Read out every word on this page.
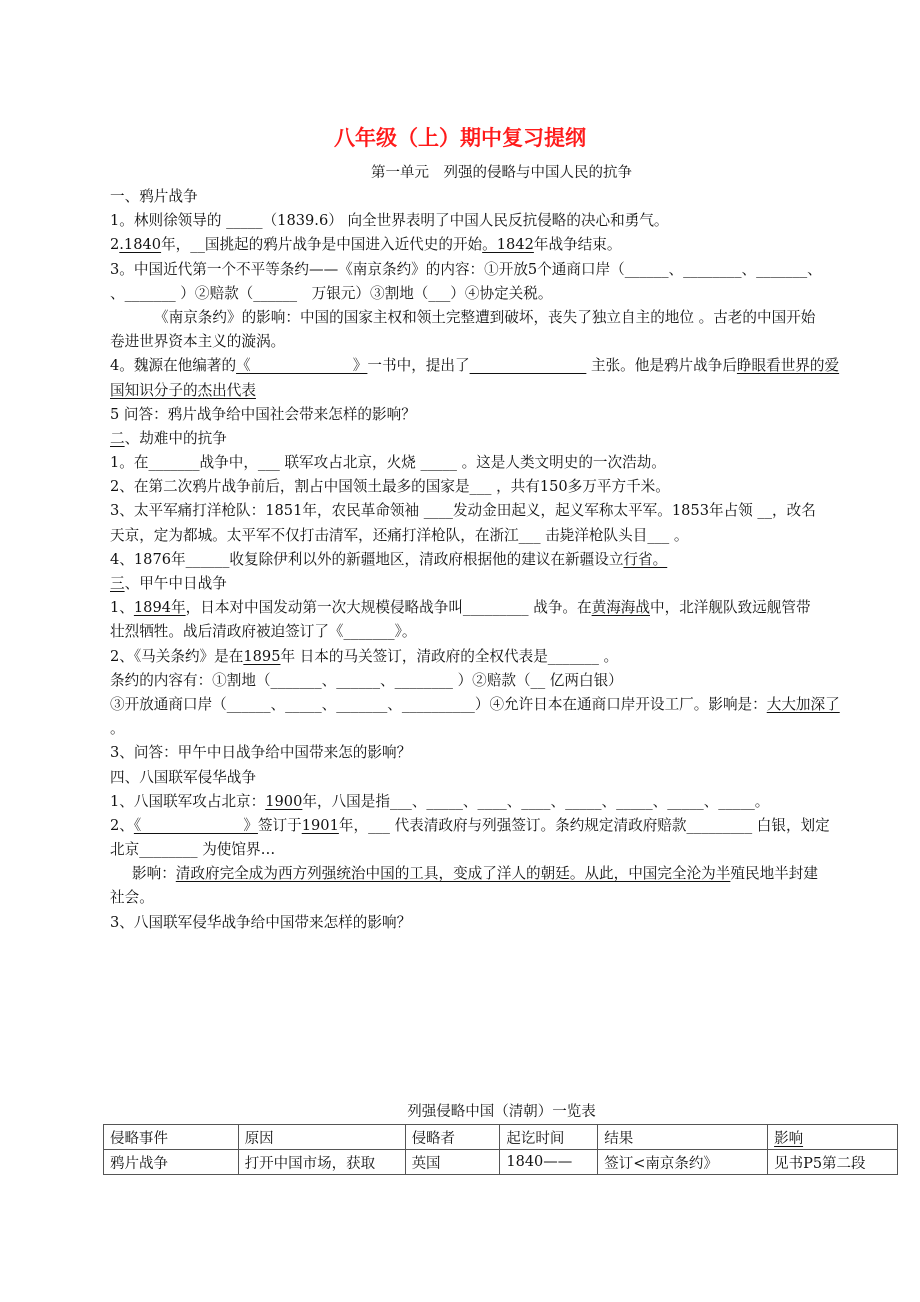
八年级（上）期中复习提纲
第一单元　列强的侵略与中国人民的抗争
一、鸦片战争
1。林则徐领导的 _____（1839.6） 向全世界表明了中国人民反抗侵略的决心和勇气。
2.1840年，__国挑起的鸦片战争是中国进入近代史的开始。1842年战争结束。
3。中国近代第一个不平等条约——《南京条约》的内容：①开放5个通商口岸（______、________、_______、
、_______ ）②赔款（______　万银元）③割地（___）④协定关税。
《南京条约》的影响：中国的国家主权和领土完整遭到破坏，丧失了独立自主的地位 。古老的中国开始
卷进世界资本主义的漩涡。
4。魏源在他编著的《　　　　　　　》一书中，提出了　　　　　　　　	主张。他是鸦片战争后睁眼看世界的爱
国知识分子的杰出代表
5 问答：鸦片战争给中国社会带来怎样的影响？
二、劫难中的抗争
1。在_______战争中，___ 联军攻占北京，火烧 _____ 。这是人类文明史的一次浩劫。
2、在第二次鸦片战争前后，割占中国领土最多的国家是___ ，共有150多万平方千米。
3、太平军痛打洋枪队：1851年，农民革命领袖 ____发动金田起义，起义军称太平军。1853年占领 __，改名
天京，定为都城。太平军不仅打击清军，还痛打洋枪队，在浙江___ 击毙洋枪队头目___ 。
4、1876年______收复除伊利以外的新疆地区，清政府根据他的建议在新疆设立行省。
三、甲午中日战争
1、1894年，日本对中国发动第一次大规模侵略战争叫_________ 战争。在黄海海战中，北洋舰队致远舰管带
壮烈牺牲。战后清政府被迫签订了《_______》。
2、《马关条约》是在1895年 日本的马关签订，清政府的全权代表是_______ 。
条约的内容有：①割地（_______、______、________ ）②赔款（__ 亿两白银）
③开放通商口岸（______、_____、_______、__________）④允许日本在通商口岸开设工厂。影响是：大大加深了
。
3、问答：甲午中日战争给中国带来怎的影响？
四、八国联军侵华战争
1、八国联军攻占北京：1900年，八国是指___、_____、____、____、_____、_____、_____、_____。
2、《　　　　　　　》签订于1901年，___ 代表清政府与列强签订。条约规定清政府赔款_________ 白银，划定
北京________ 为使馆界…
影响：清政府完全成为西方列强统治中国的工具，变成了洋人的朝廷。从此，中国完全沦为半殖民地半封建
社会。
3、八国联军侵华战争给中国带来怎样的影响？
列强侵略中国（清朝）一览表
侵略事件	原因	侵略者	起讫时间	结果	影响
鸦片战争	打开中国市场，获取	英国	1840——	签订<南京条约》	见书P5第二段
